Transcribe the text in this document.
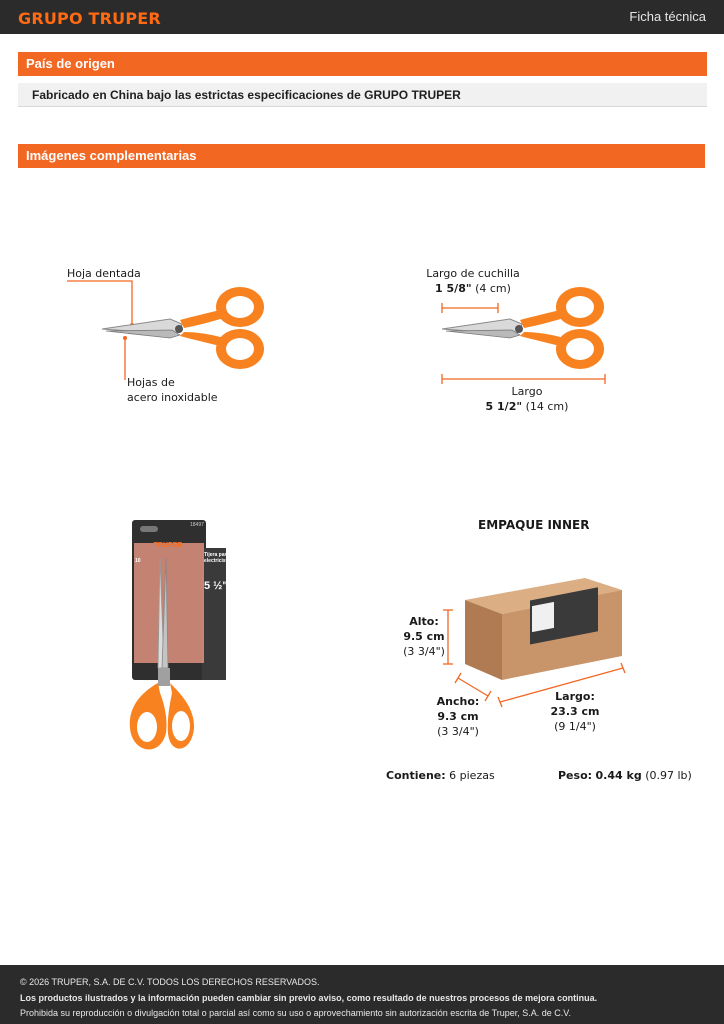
GRUPO TRUPER	Ficha técnica
País de origen
Fabricado en China bajo las estrictas especificaciones de GRUPO TRUPER
Imágenes complementarias
Hoja dentada
Hojas de
acero inoxidable
Largo de cuchilla
1 5/8" (4 cm)
Largo
5 1/2" (14 cm)
TRUPER
18497
10
Tijera para
electricista
5 ½"
EMPAQUE INNER
Alto:
9.5 cm
(3 3/4")
Ancho:
9.3 cm
(3 3/4")
Largo:
23.3 cm
(9 1/4")
Contiene: 6 piezas	Peso: 0.44 kg (0.97 lb)
© 2026 TRUPER, S.A. DE C.V. TODOS LOS DERECHOS RESERVADOS.
Los productos ilustrados y la información pueden cambiar sin previo aviso, como resultado de nuestros procesos de mejora continua.
Prohibida su reproducción o divulgación total o parcial así como su uso o aprovechamiento sin autorización escrita de Truper, S.A. de C.V.
